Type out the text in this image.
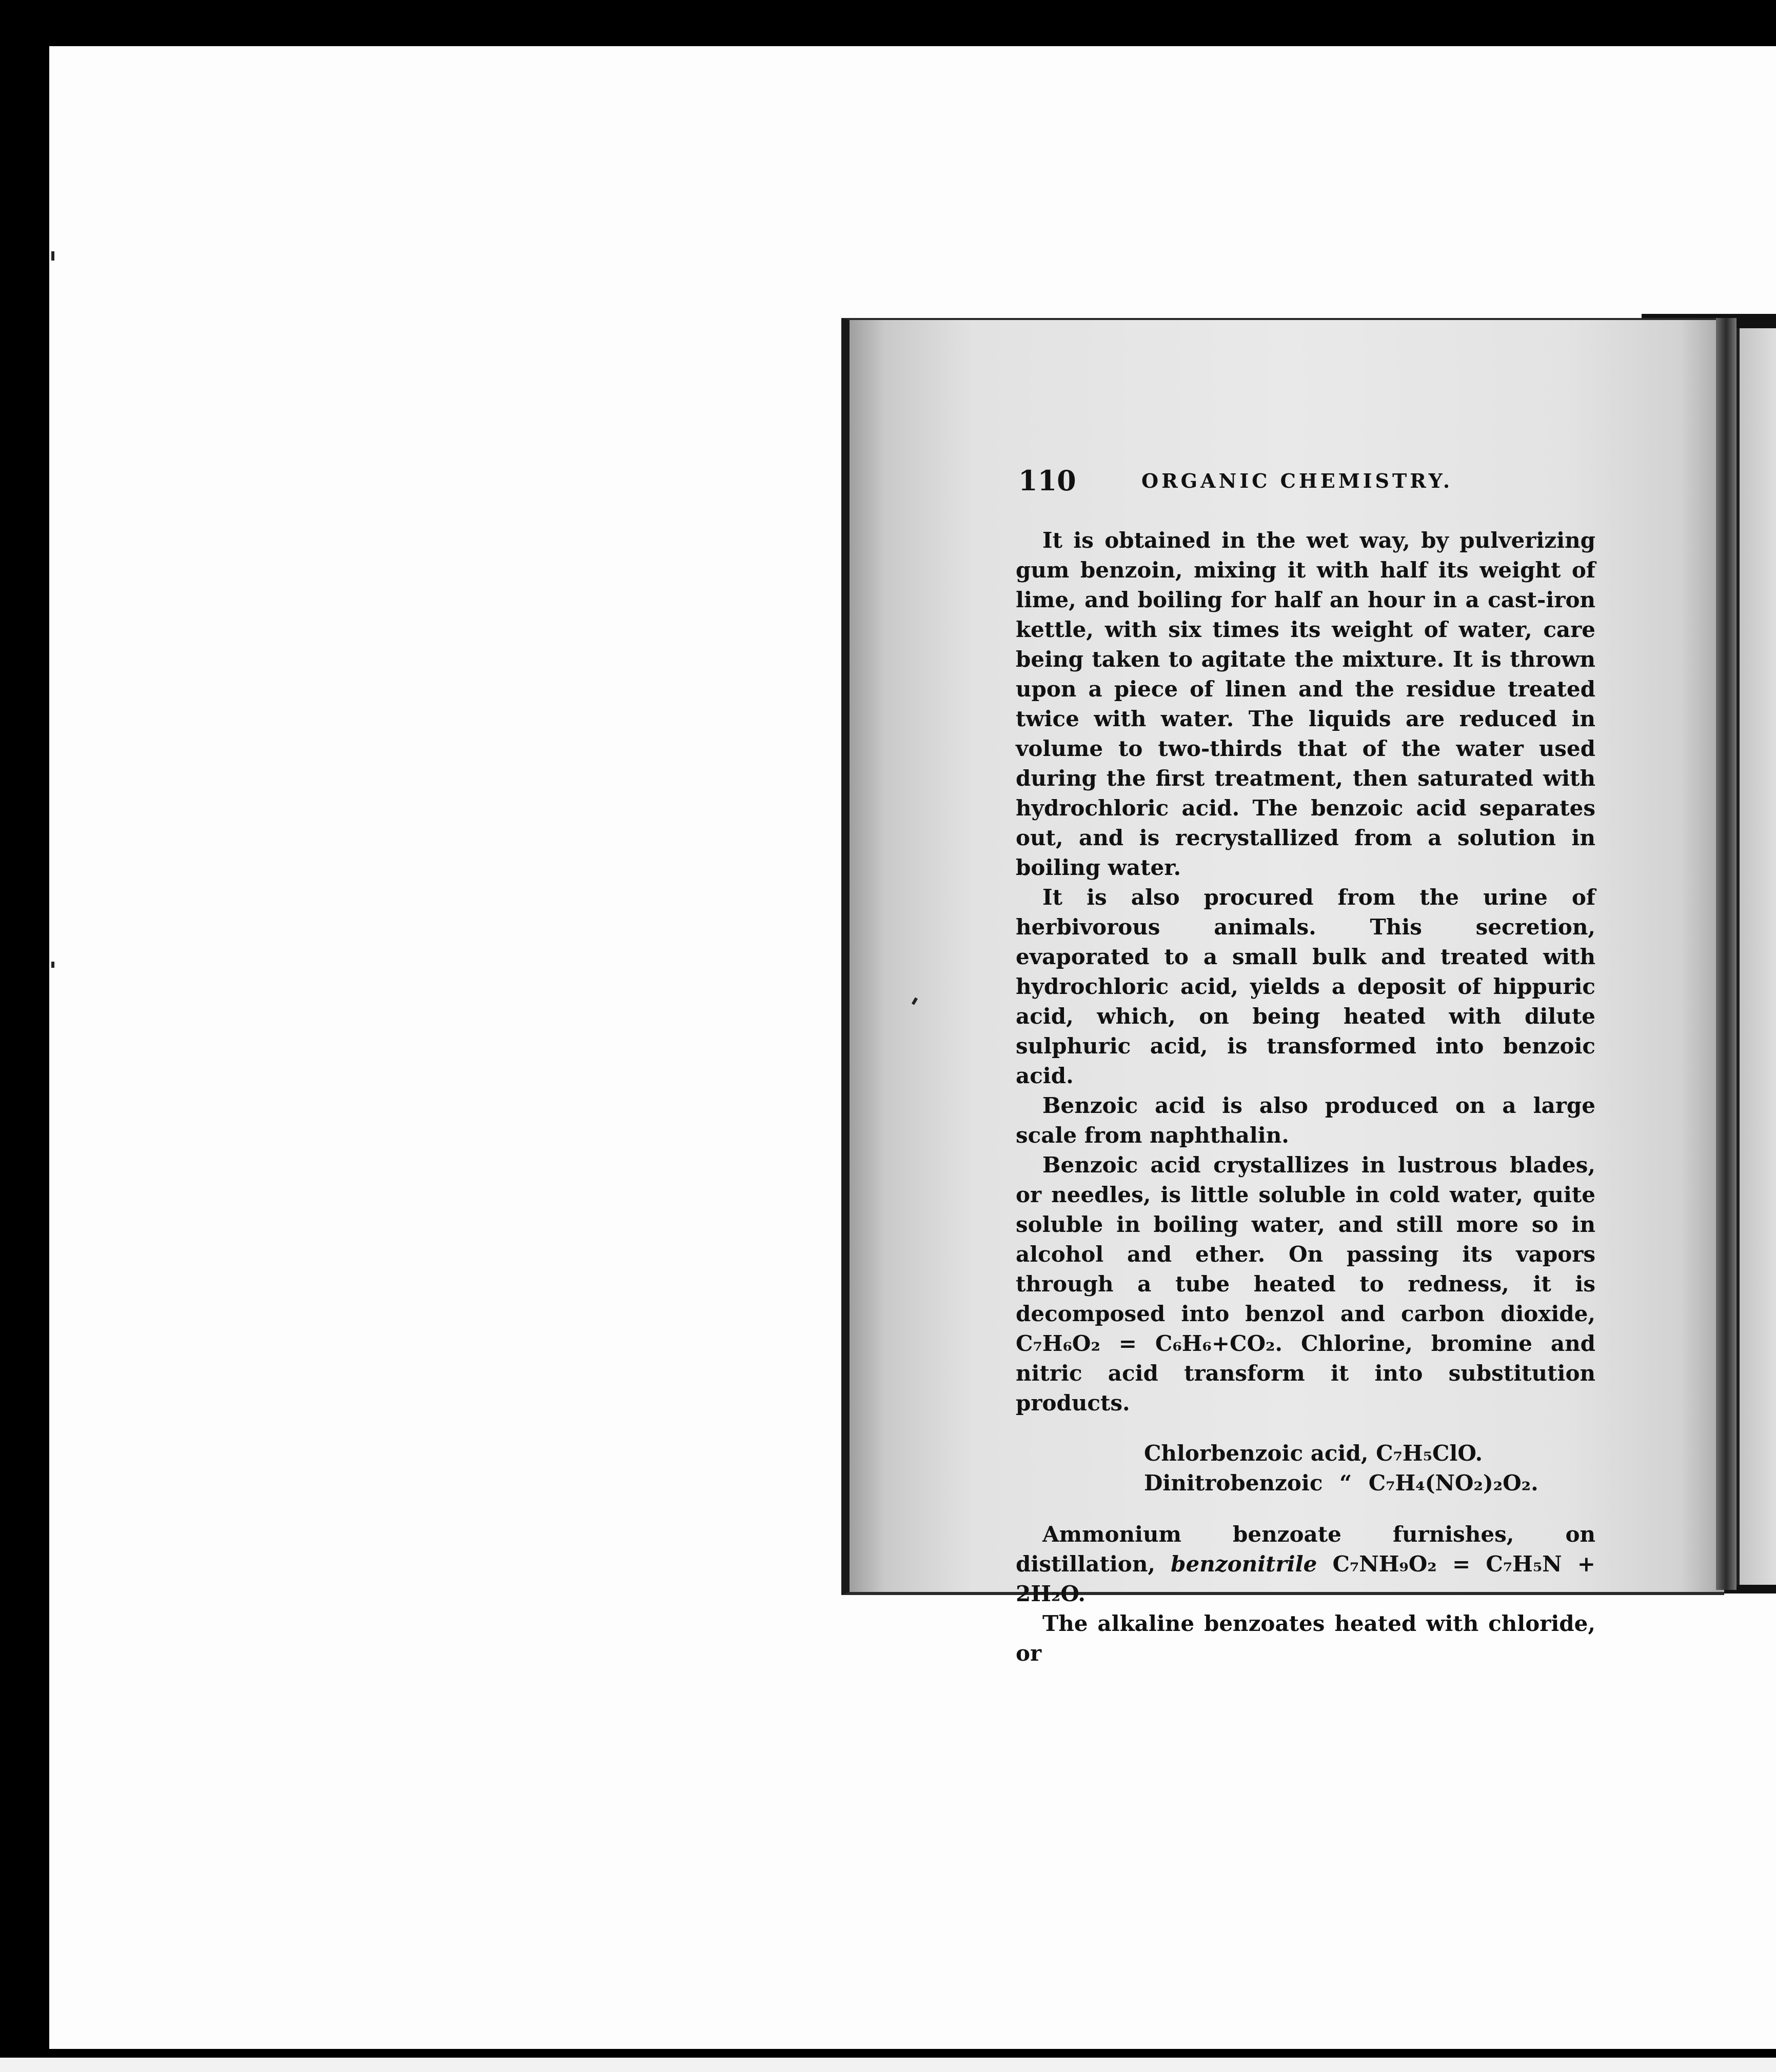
110	ORGANIC CHEMISTRY.

It is obtained in the wet way, by pulverizing gum benzoin, mixing it with half its weight of lime, and boiling for half an hour in a cast-iron kettle, with six times its weight of water, care being taken to agitate the mixture. It is thrown upon a piece of linen and the residue treated twice with water. The liquids are reduced in volume to two-thirds that of the water used during the first treatment, then saturated with hydrochloric acid. The benzoic acid separates out, and is recrystallized from a solution in boiling water.

It is also procured from the urine of herbivorous animals. This secretion, evaporated to a small bulk and treated with hydrochloric acid, yields a deposit of hippuric acid, which, on being heated with dilute sulphuric acid, is transformed into benzoic acid.

Benzoic acid is also produced on a large scale from naphthalin.

Benzoic acid crystallizes in lustrous blades, or needles, is little soluble in cold water, quite soluble in boiling water, and still more so in alcohol and ether. On passing its vapors through a tube heated to redness, it is decomposed into benzol and carbon dioxide, C₇H₆O₂ = C₆H₆+CO₂. Chlorine, bromine and nitric acid transform it into substitution products.

Chlorbenzoic acid, C₇H₅ClO.
Dinitrobenzoic “ C₇H₄(NO₂)₂O₂.

Ammonium benzoate furnishes, on distillation, benzonitrile C₇NH₉O₂ = C₇H₅N + 2H₂O.

The alkaline benzoates heated with chloride, or
